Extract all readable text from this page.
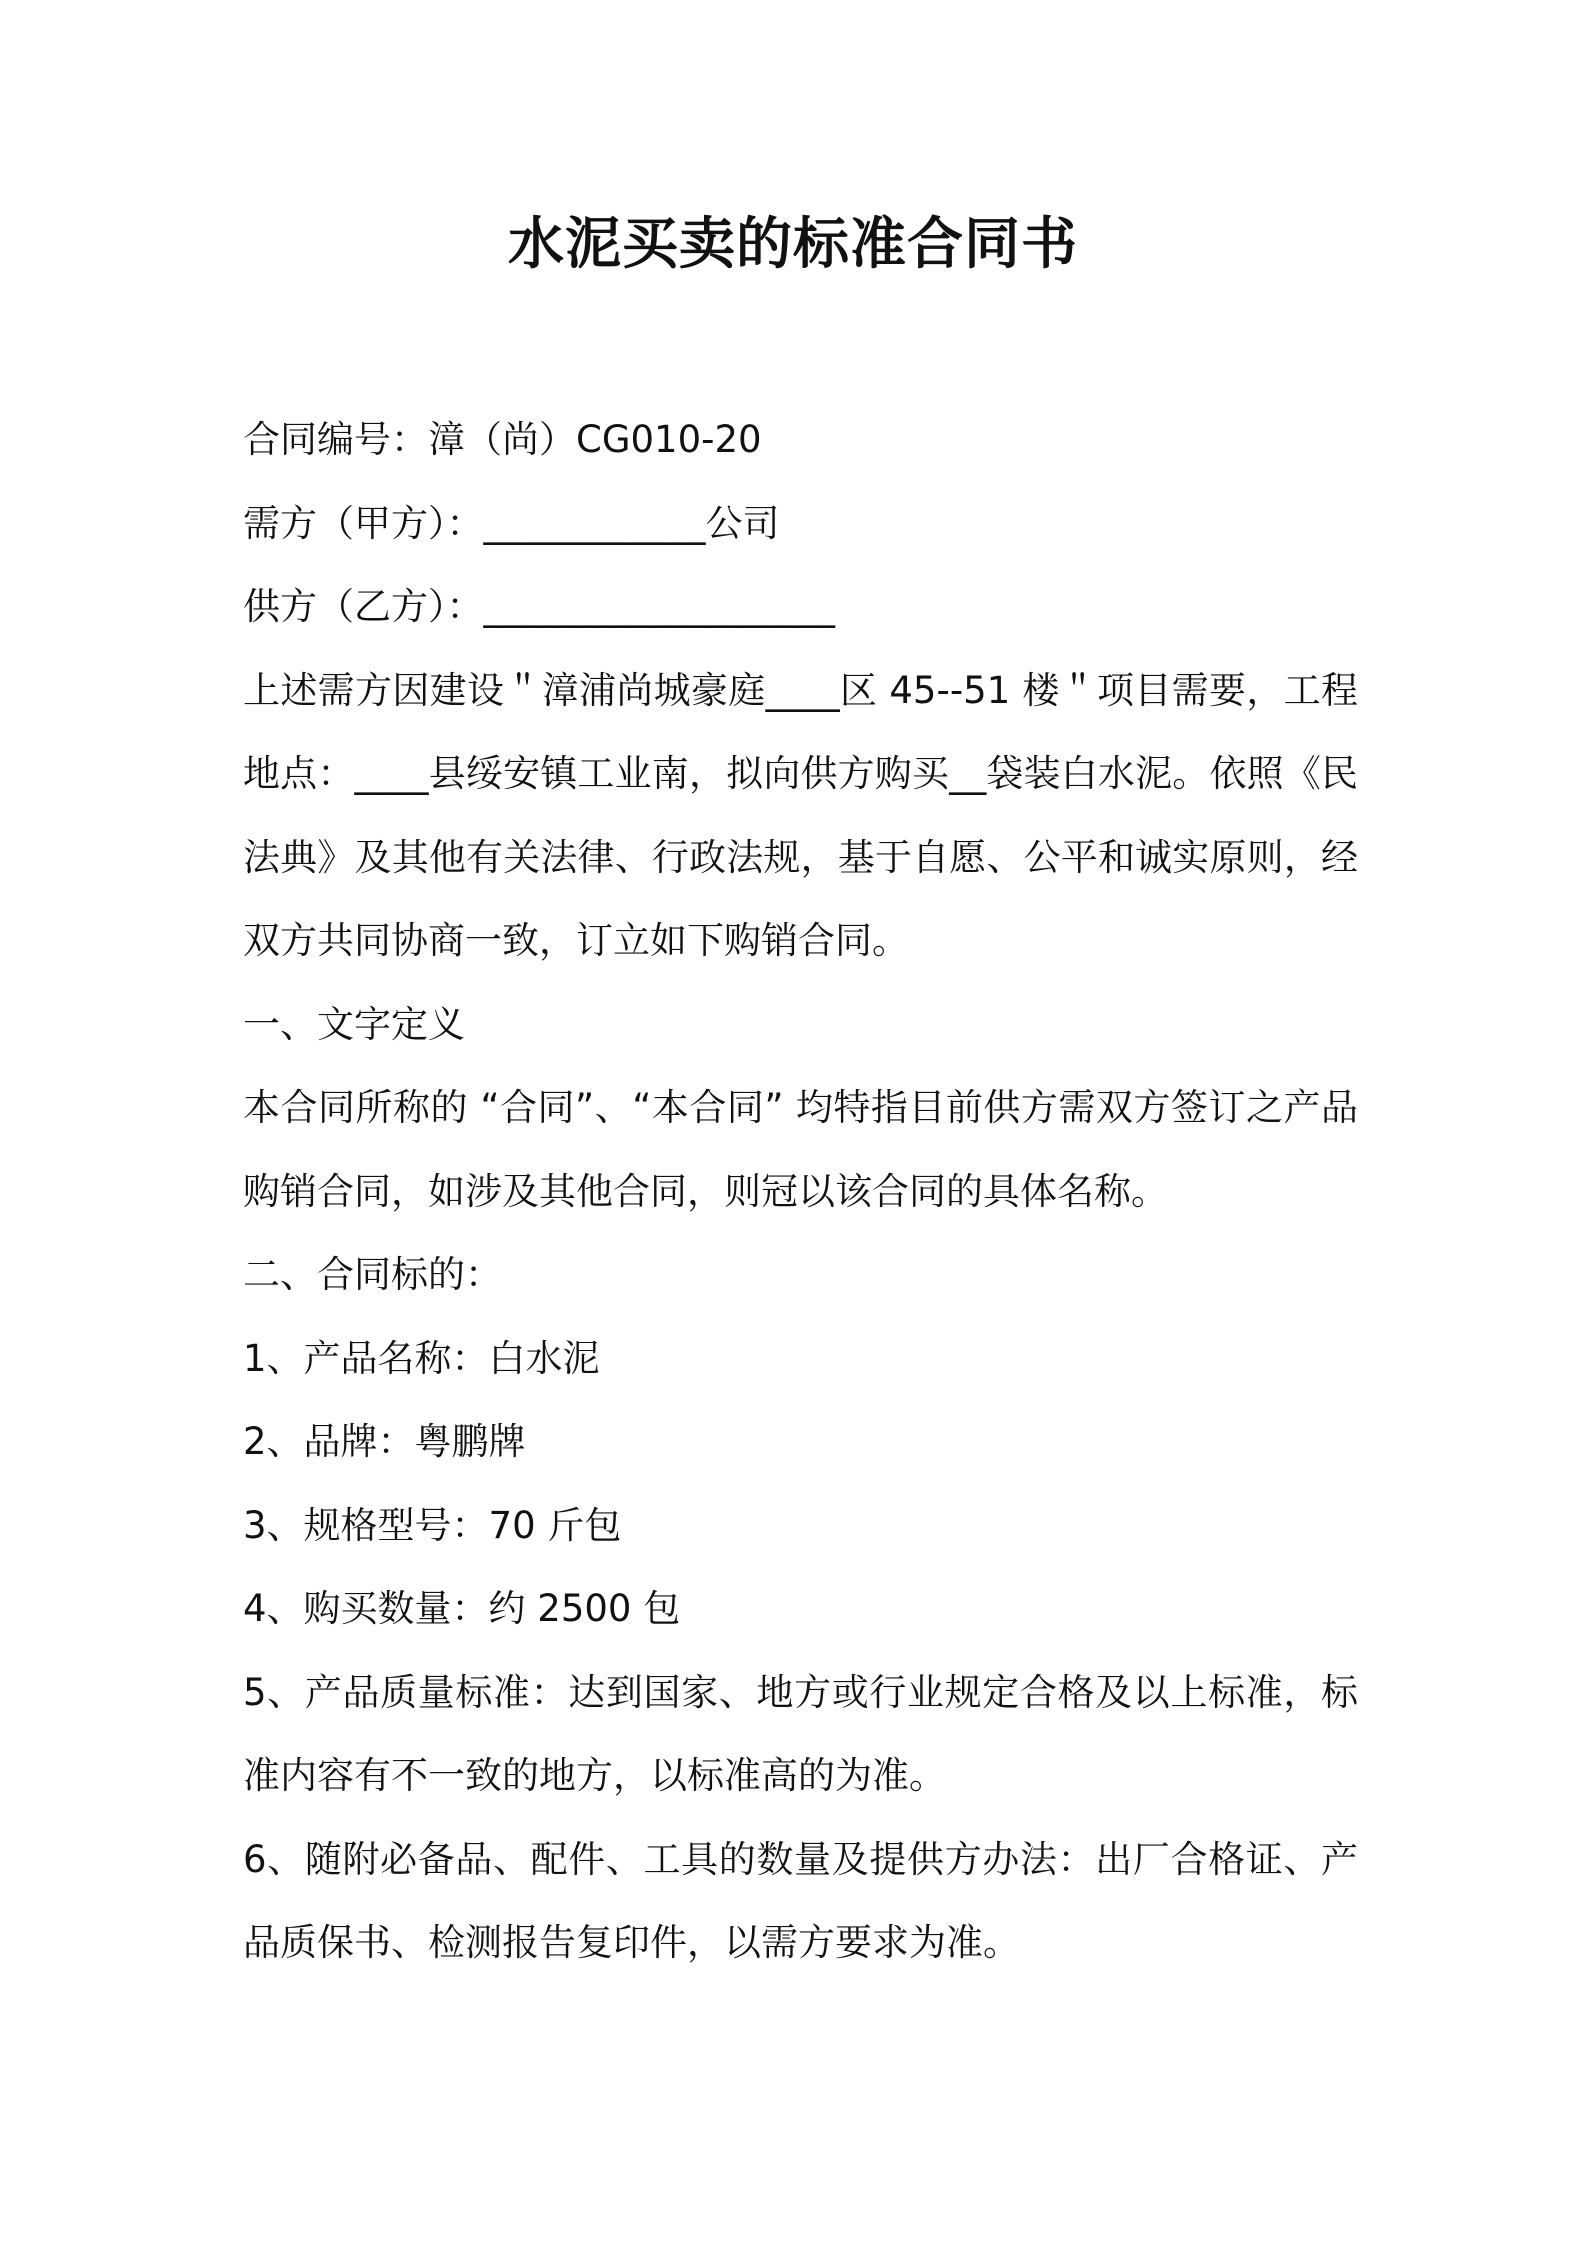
水泥买卖的标准合同书
合同编号：漳（尚）CG010-20
需方（甲方）：____________公司
供方（乙方）：___________________
上述需方因建设＂漳浦尚城豪庭____区 45--51 楼＂项目需要，工程地点：____县绥安镇工业南，拟向供方购买__袋装白水泥。依照《民法典》及其他有关法律、行政法规，基于自愿、公平和诚实原则，经双方共同协商一致，订立如下购销合同。
一、文字定义
本合同所称的 “合同”、“本合同” 均特指目前供方需双方签订之产品购销合同，如涉及其他合同，则冠以该合同的具体名称。
二、合同标的：
1、产品名称：白水泥
2、品牌：粤鹏牌
3、规格型号：70 斤包
4、购买数量：约 2500 包
5、产品质量标准：达到国家、地方或行业规定合格及以上标准，标准内容有不一致的地方，以标准高的为准。
6、随附必备品、配件、工具的数量及提供方办法：出厂合格证、产品质保书、检测报告复印件，以需方要求为准。
